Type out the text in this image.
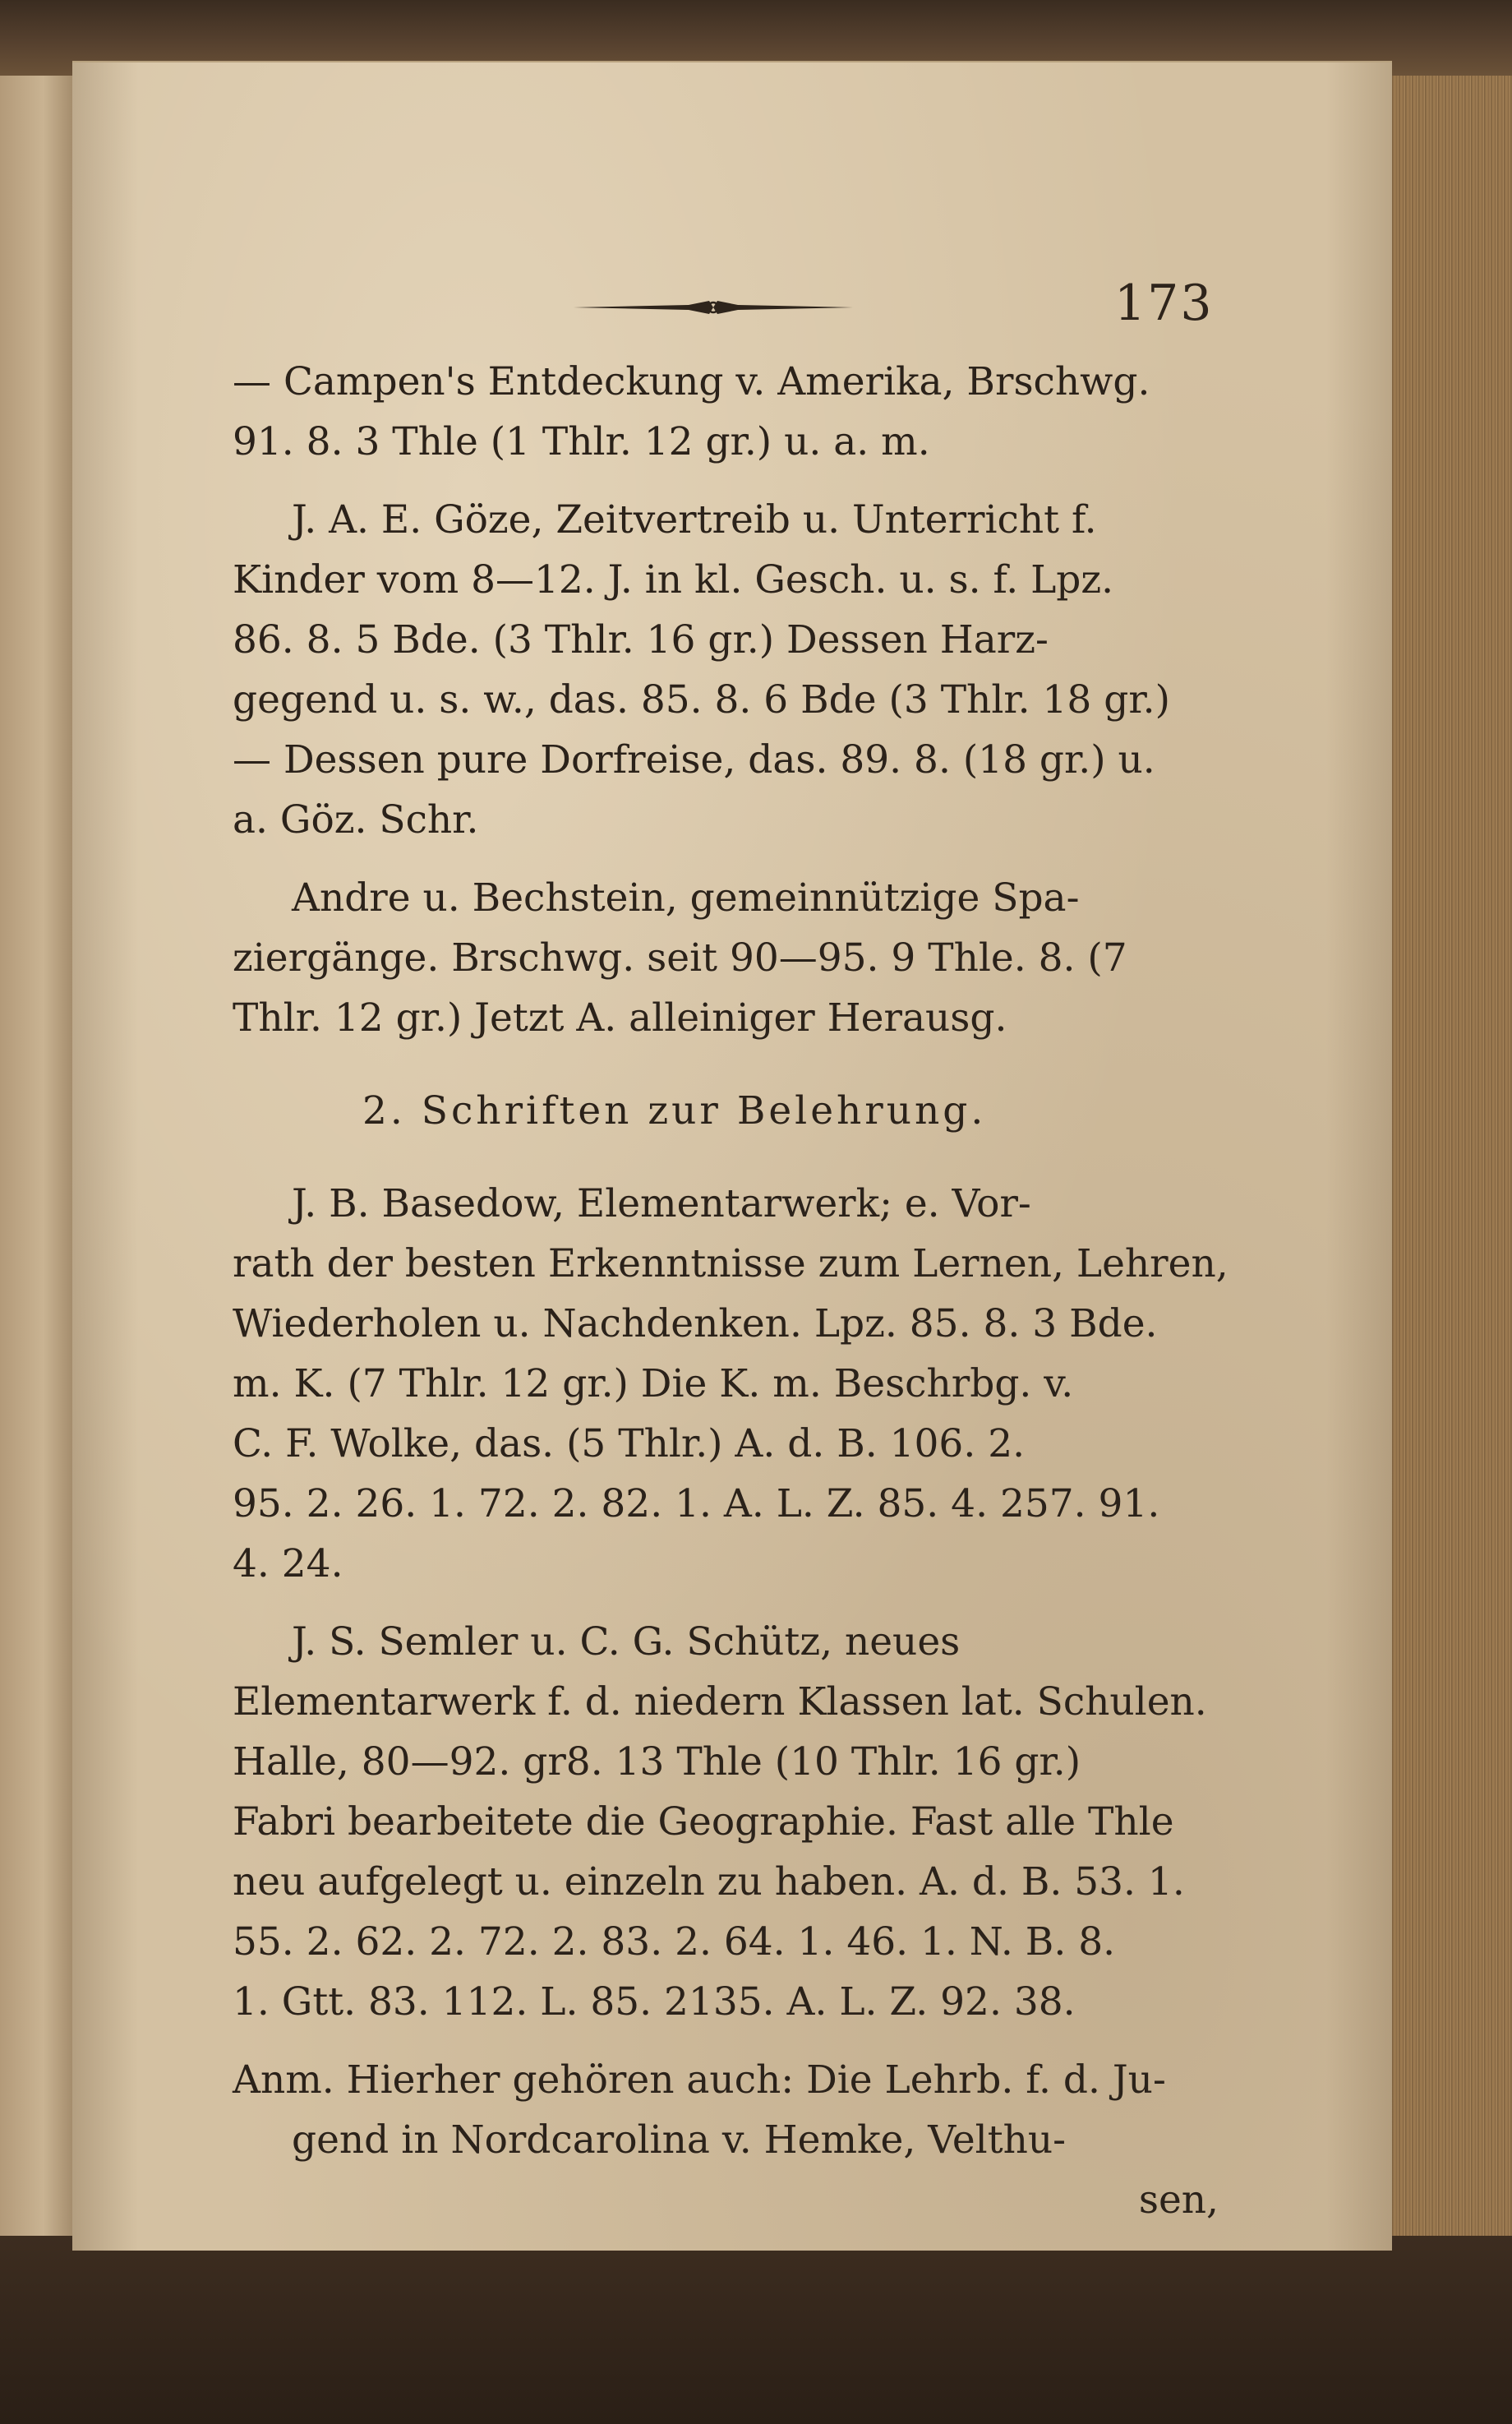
173
— Campen's Entdeckung v. Amerika, Brschwg.
91. 8. 3 Thle (1 Thlr. 12 gr.) u. a. m.
J. A. E. Göze, Zeitvertreib u. Unterricht f.
Kinder vom 8—12. J. in kl. Gesch. u. s. f. Lpz.
86. 8. 5 Bde. (3 Thlr. 16 gr.) Dessen Harz-
gegend u. s. w., das. 85. 8. 6 Bde (3 Thlr. 18 gr.)
— Dessen pure Dorfreise, das. 89. 8. (18 gr.) u.
a. Göz. Schr.
Andre u. Bechstein, gemeinnützige Spa-
ziergänge. Brschwg. seit 90—95. 9 Thle. 8. (7
Thlr. 12 gr.) Jetzt A. alleiniger Herausg.
2. Schriften zur Belehrung.
J. B. Basedow, Elementarwerk; e. Vor-
rath der besten Erkenntnisse zum Lernen, Lehren,
Wiederholen u. Nachdenken. Lpz. 85. 8. 3 Bde.
m. K. (7 Thlr. 12 gr.) Die K. m. Beschrbg. v.
C. F. Wolke, das. (5 Thlr.) A. d. B. 106. 2.
95. 2. 26. 1. 72. 2. 82. 1. A. L. Z. 85. 4. 257. 91.
4. 24.
J. S. Semler u. C. G. Schütz, neues
Elementarwerk f. d. niedern Klassen lat. Schulen.
Halle, 80—92. gr8. 13 Thle (10 Thlr. 16 gr.)
Fabri bearbeitete die Geographie. Fast alle Thle
neu aufgelegt u. einzeln zu haben. A. d. B. 53. 1.
55. 2. 62. 2. 72. 2. 83. 2. 64. 1. 46. 1. N. B. 8.
1. Gtt. 83. 112. L. 85. 2135. A. L. Z. 92. 38.
Anm. Hierher gehören auch: Die Lehrb. f. d. Ju-
gend in Nordcarolina v. Hemke, Velthu-
sen,
